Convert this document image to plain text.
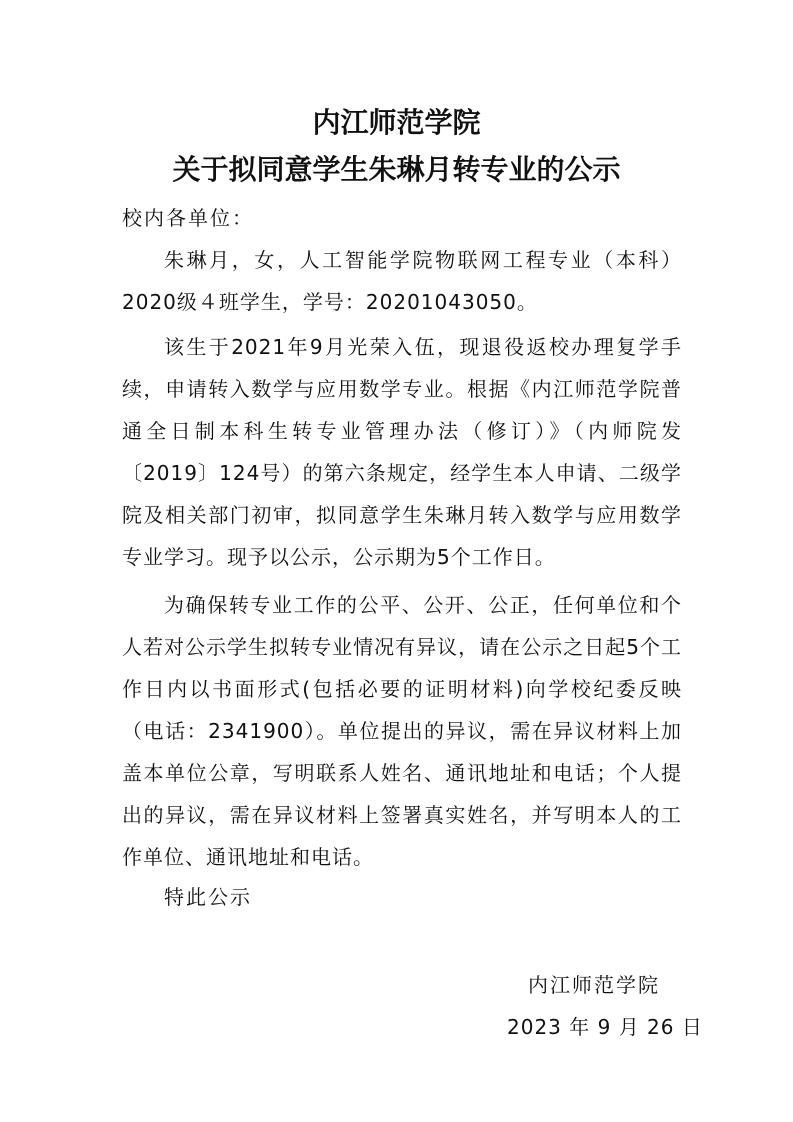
内江师范学院
关于拟同意学生朱琳月转专业的公示

校内各单位：

朱琳月，女，人工智能学院物联网工程专业（本科）2020级４班学生，学号：20201043050。

该生于2021年9月光荣入伍，现退役返校办理复学手续，申请转入数学与应用数学专业。根据《内江师范学院普通全日制本科生转专业管理办法（修订）》（内师院发〔2019〕124号）的第六条规定，经学生本人申请、二级学院及相关部门初审，拟同意学生朱琳月转入数学与应用数学专业学习。现予以公示，公示期为5个工作日。

为确保转专业工作的公平、公开、公正，任何单位和个人若对公示学生拟转专业情况有异议，请在公示之日起5个工作日内以书面形式(包括必要的证明材料)向学校纪委反映（电话：2341900）。单位提出的异议，需在异议材料上加盖本单位公章，写明联系人姓名、通讯地址和电话；个人提出的异议，需在异议材料上签署真实姓名，并写明本人的工作单位、通讯地址和电话。

特此公示

内江师范学院

2023 年 9 月 26 日
